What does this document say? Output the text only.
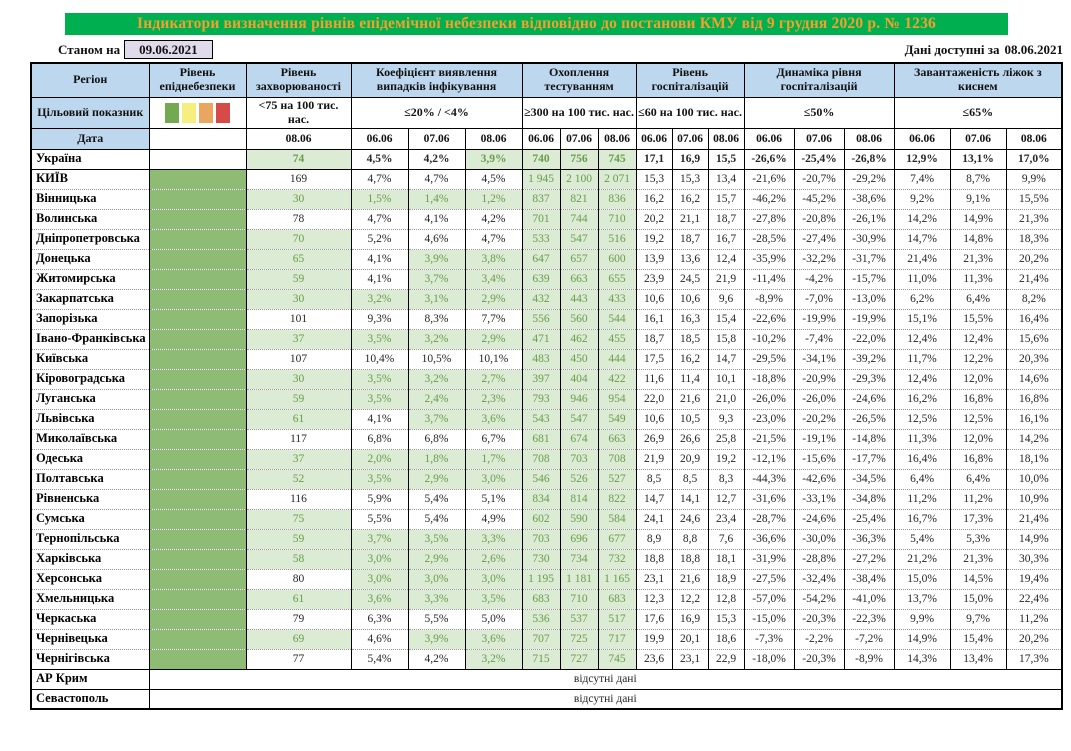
Індикатори визначення рівнів епідемічної небезпеки відповідно до постанови КМУ від 9 грудня 2020 р. № 1236
Станом на	09.06.2021	Дані доступні за 08.06.2021
Регіон	Рівень епіднебезпеки	Рівень захворюваності	Коефіцієнт виявлення випадків інфікування			Охоплення тестуванням			Рівень госпіталізацій			Динаміка рівня госпіталізацій			Завантаженість ліжок з киснем		
Цільовий показник		<75 на 100 тис. нас.	≤20% / <4%			≥300 на 100 тис. нас.			≤60 на 100 тис. нас.			≤50%			≤65%		
Дата		08.06	06.06	07.06	08.06	06.06	07.06	08.06	06.06	07.06	08.06	06.06	07.06	08.06	06.06	07.06	08.06
Україна		74	4,5%	4,2%	3,9%	740	756	745	17,1	16,9	15,5	-26,6%	-25,4%	-26,8%	12,9%	13,1%	17,0%
КИЇВ		169	4,7%	4,7%	4,5%	1 945	2 100	2 071	15,3	15,3	13,4	-21,6%	-20,7%	-29,2%	7,4%	8,7%	9,9%
Вінницька		30	1,5%	1,4%	1,2%	837	821	836	16,2	16,2	15,7	-46,2%	-45,2%	-38,6%	9,2%	9,1%	15,5%
Волинська		78	4,7%	4,1%	4,2%	701	744	710	20,2	21,1	18,7	-27,8%	-20,8%	-26,1%	14,2%	14,9%	21,3%
Дніпропетровська		70	5,2%	4,6%	4,7%	533	547	516	19,2	18,7	16,7	-28,5%	-27,4%	-30,9%	14,7%	14,8%	18,3%
Донецька		65	4,1%	3,9%	3,8%	647	657	600	13,9	13,6	12,4	-35,9%	-32,2%	-31,7%	21,4%	21,3%	20,2%
Житомирська		59	4,1%	3,7%	3,4%	639	663	655	23,9	24,5	21,9	-11,4%	-4,2%	-15,7%	11,0%	11,3%	21,4%
Закарпатська		30	3,2%	3,1%	2,9%	432	443	433	10,6	10,6	9,6	-8,9%	-7,0%	-13,0%	6,2%	6,4%	8,2%
Запорізька		101	9,3%	8,3%	7,7%	556	560	544	16,1	16,3	15,4	-22,6%	-19,9%	-19,9%	15,1%	15,5%	16,4%
Івано-Франківська		37	3,5%	3,2%	2,9%	471	462	455	18,7	18,5	15,8	-10,2%	-7,4%	-22,0%	12,4%	12,4%	15,6%
Київська		107	10,4%	10,5%	10,1%	483	450	444	17,5	16,2	14,7	-29,5%	-34,1%	-39,2%	11,7%	12,2%	20,3%
Кіровоградська		30	3,5%	3,2%	2,7%	397	404	422	11,6	11,4	10,1	-18,8%	-20,9%	-29,3%	12,4%	12,0%	14,6%
Луганська		59	3,5%	2,4%	2,3%	793	946	954	22,0	21,6	21,0	-26,0%	-26,0%	-24,6%	16,2%	16,8%	16,8%
Львівська		61	4,1%	3,7%	3,6%	543	547	549	10,6	10,5	9,3	-23,0%	-20,2%	-26,5%	12,5%	12,5%	16,1%
Миколаївська		117	6,8%	6,8%	6,7%	681	674	663	26,9	26,6	25,8	-21,5%	-19,1%	-14,8%	11,3%	12,0%	14,2%
Одеська		37	2,0%	1,8%	1,7%	708	703	708	21,9	20,9	19,2	-12,1%	-15,6%	-17,7%	16,4%	16,8%	18,1%
Полтавська		52	3,5%	2,9%	3,0%	546	526	527	8,5	8,5	8,3	-44,3%	-42,6%	-34,5%	6,4%	6,4%	10,0%
Рівненська		116	5,9%	5,4%	5,1%	834	814	822	14,7	14,1	12,7	-31,6%	-33,1%	-34,8%	11,2%	11,2%	10,9%
Сумська		75	5,5%	5,4%	4,9%	602	590	584	24,1	24,6	23,4	-28,7%	-24,6%	-25,4%	16,7%	17,3%	21,4%
Тернопільська		59	3,7%	3,5%	3,3%	703	696	677	8,9	8,8	7,6	-36,6%	-30,0%	-36,3%	5,4%	5,3%	14,9%
Харківська		58	3,0%	2,9%	2,6%	730	734	732	18,8	18,8	18,1	-31,9%	-28,8%	-27,2%	21,2%	21,3%	30,3%
Херсонська		80	3,0%	3,0%	3,0%	1 195	1 181	1 165	23,1	21,6	18,9	-27,5%	-32,4%	-38,4%	15,0%	14,5%	19,4%
Хмельницька		61	3,6%	3,3%	3,5%	683	710	683	12,3	12,2	12,8	-57,0%	-54,2%	-41,0%	13,7%	15,0%	22,4%
Черкаська		79	6,3%	5,5%	5,0%	536	537	517	17,6	16,9	15,3	-15,0%	-20,3%	-22,3%	9,9%	9,7%	11,2%
Чернівецька		69	4,6%	3,9%	3,6%	707	725	717	19,9	20,1	18,6	-7,3%	-2,2%	-7,2%	14,9%	15,4%	20,2%
Чернігівська		77	5,4%	4,2%	3,2%	715	727	745	23,6	23,1	22,9	-18,0%	-20,3%	-8,9%	14,3%	13,4%	17,3%
АР Крим	відсутні дані																
Севастополь	відсутні дані																
